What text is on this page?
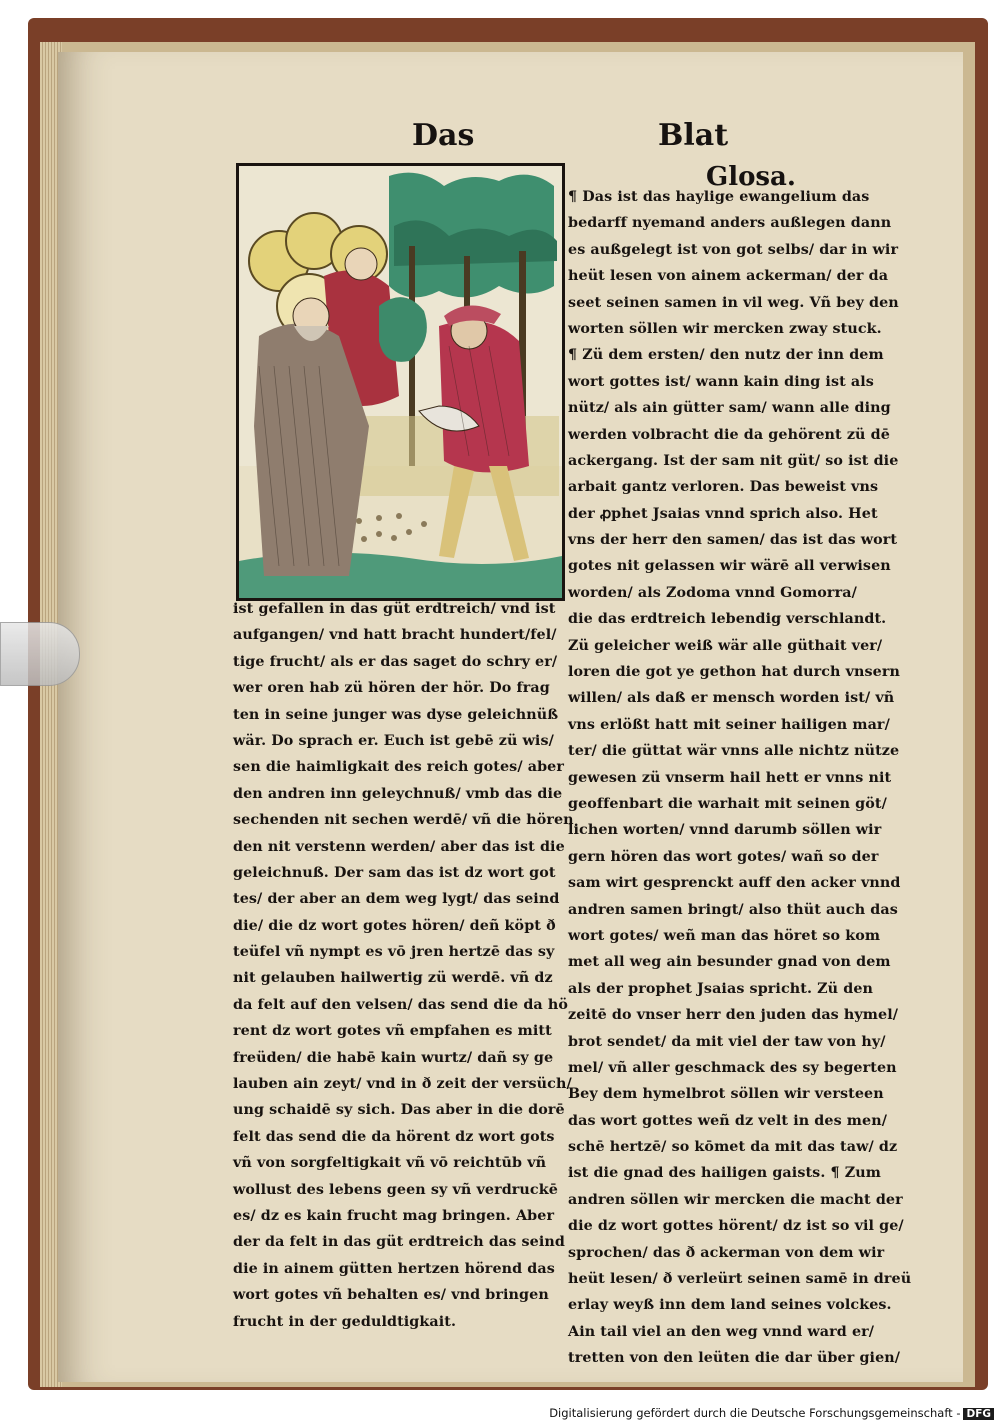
Das	Blat
Glosa.
ist gefallen in das güt erdtreich/ vnd ist
aufgangen/ vnd hatt bracht hundert/fel/
tige frucht/ als er das saget do schry er/
wer oren hab zü hören der hör. Do frag
ten in seine junger was dyse geleichnüß
wär. Do sprach er. Euch ist gebē zü wis/
sen die haimligkait des reich gotes/ aber
den andren inn geleychnuß/ vmb das die
sechenden nit sechen werdē/ vñ die hören
den nit verstenn werden/ aber das ist die
geleichnuß. Der sam das ist dz wort got
tes/ der aber an dem weg lygt/ das seind
die/ die dz wort gotes hören/ deñ köpt ð
teüfel vñ nympt es vō jren hertzē das sy
nit gelauben hailwertig zü werdē. vñ dz
da felt auf den velsen/ das send die da hö
rent dz wort gotes vñ empfahen es mitt
freüden/ die habē kain wurtz/ dañ sy ge
lauben ain zeyt/ vnd in ð zeit der versüch/
ung schaidē sy sich. Das aber in die dorē
felt das send die da hörent dz wort gots
vñ von sorgfeltigkait vñ vō reichtūb vñ
wollust des lebens geen sy vñ verdruckē
es/ dz es kain frucht mag bringen. Aber
der da felt in das güt erdtreich das seind
die in ainem gütten hertzen hörend das
wort gotes vñ behalten es/ vnd bringen
frucht in der geduldtigkait.
¶ Das ist das haylige ewangelium das
bedarff nyemand anders außlegen dann
es außgelegt ist von got selbs/ dar in wir
heüt lesen von ainem ackerman/ der da
seet seinen samen in vil weg. Vñ bey den
worten söllen wir mercken zway stuck.
¶ Zü dem ersten/ den nutz der inn dem
wort gottes ist/ wann kain ding ist als
nütz/ als ain gütter sam/ wann alle ding
werden volbracht die da gehörent zü dē
ackergang. Ist der sam nit güt/ so ist die
arbait gantz verloren. Das beweist vns
der ꝓphet Jsaias vnnd sprich also. Het
vns der herr den samen/ das ist das wort
gotes nit gelassen wir wärē all verwisen
worden/ als Zodoma vnnd Gomorra/
die das erdtreich lebendig verschlandt.
Zü geleicher weiß wär alle güthait ver/
loren die got ye gethon hat durch vnsern
willen/ als daß er mensch worden ist/ vñ
vns erlößt hatt mit seiner hailigen mar/
ter/ die güttat wär vnns alle nichtz nütze
gewesen zü vnserm hail hett er vnns nit
geoffenbart die warhait mit seinen göt/
lichen worten/ vnnd darumb söllen wir
gern hören das wort gotes/ wañ so der
sam wirt gesprenckt auff den acker vnnd
andren samen bringt/ also thüt auch das
wort gotes/ weñ man das höret so kom
met all weg ain besunder gnad von dem
als der prophet Jsaias spricht. Zü den
zeitē do vnser herr den juden das hymel/
brot sendet/ da mit viel der taw von hy/
mel/ vñ aller geschmack des sy begerten
Bey dem hymelbrot söllen wir versteen
das wort gottes weñ dz velt in des men/
schē hertzē/ so kōmet da mit das taw/ dz
ist die gnad des hailigen gaists. ¶ Zum
andren söllen wir mercken die macht der
die dz wort gottes hörent/ dz ist so vil ge/
sprochen/ das ð ackerman von dem wir
heüt lesen/ ð verleürt seinen samē in dreü
erlay weyß inn dem land seines volckes.
Ain tail viel an den weg vnnd ward er/
tretten von den leüten die dar über gien/
Digitalisierung gefördert durch die Deutsche Forschungsgemeinschaft - DFG
